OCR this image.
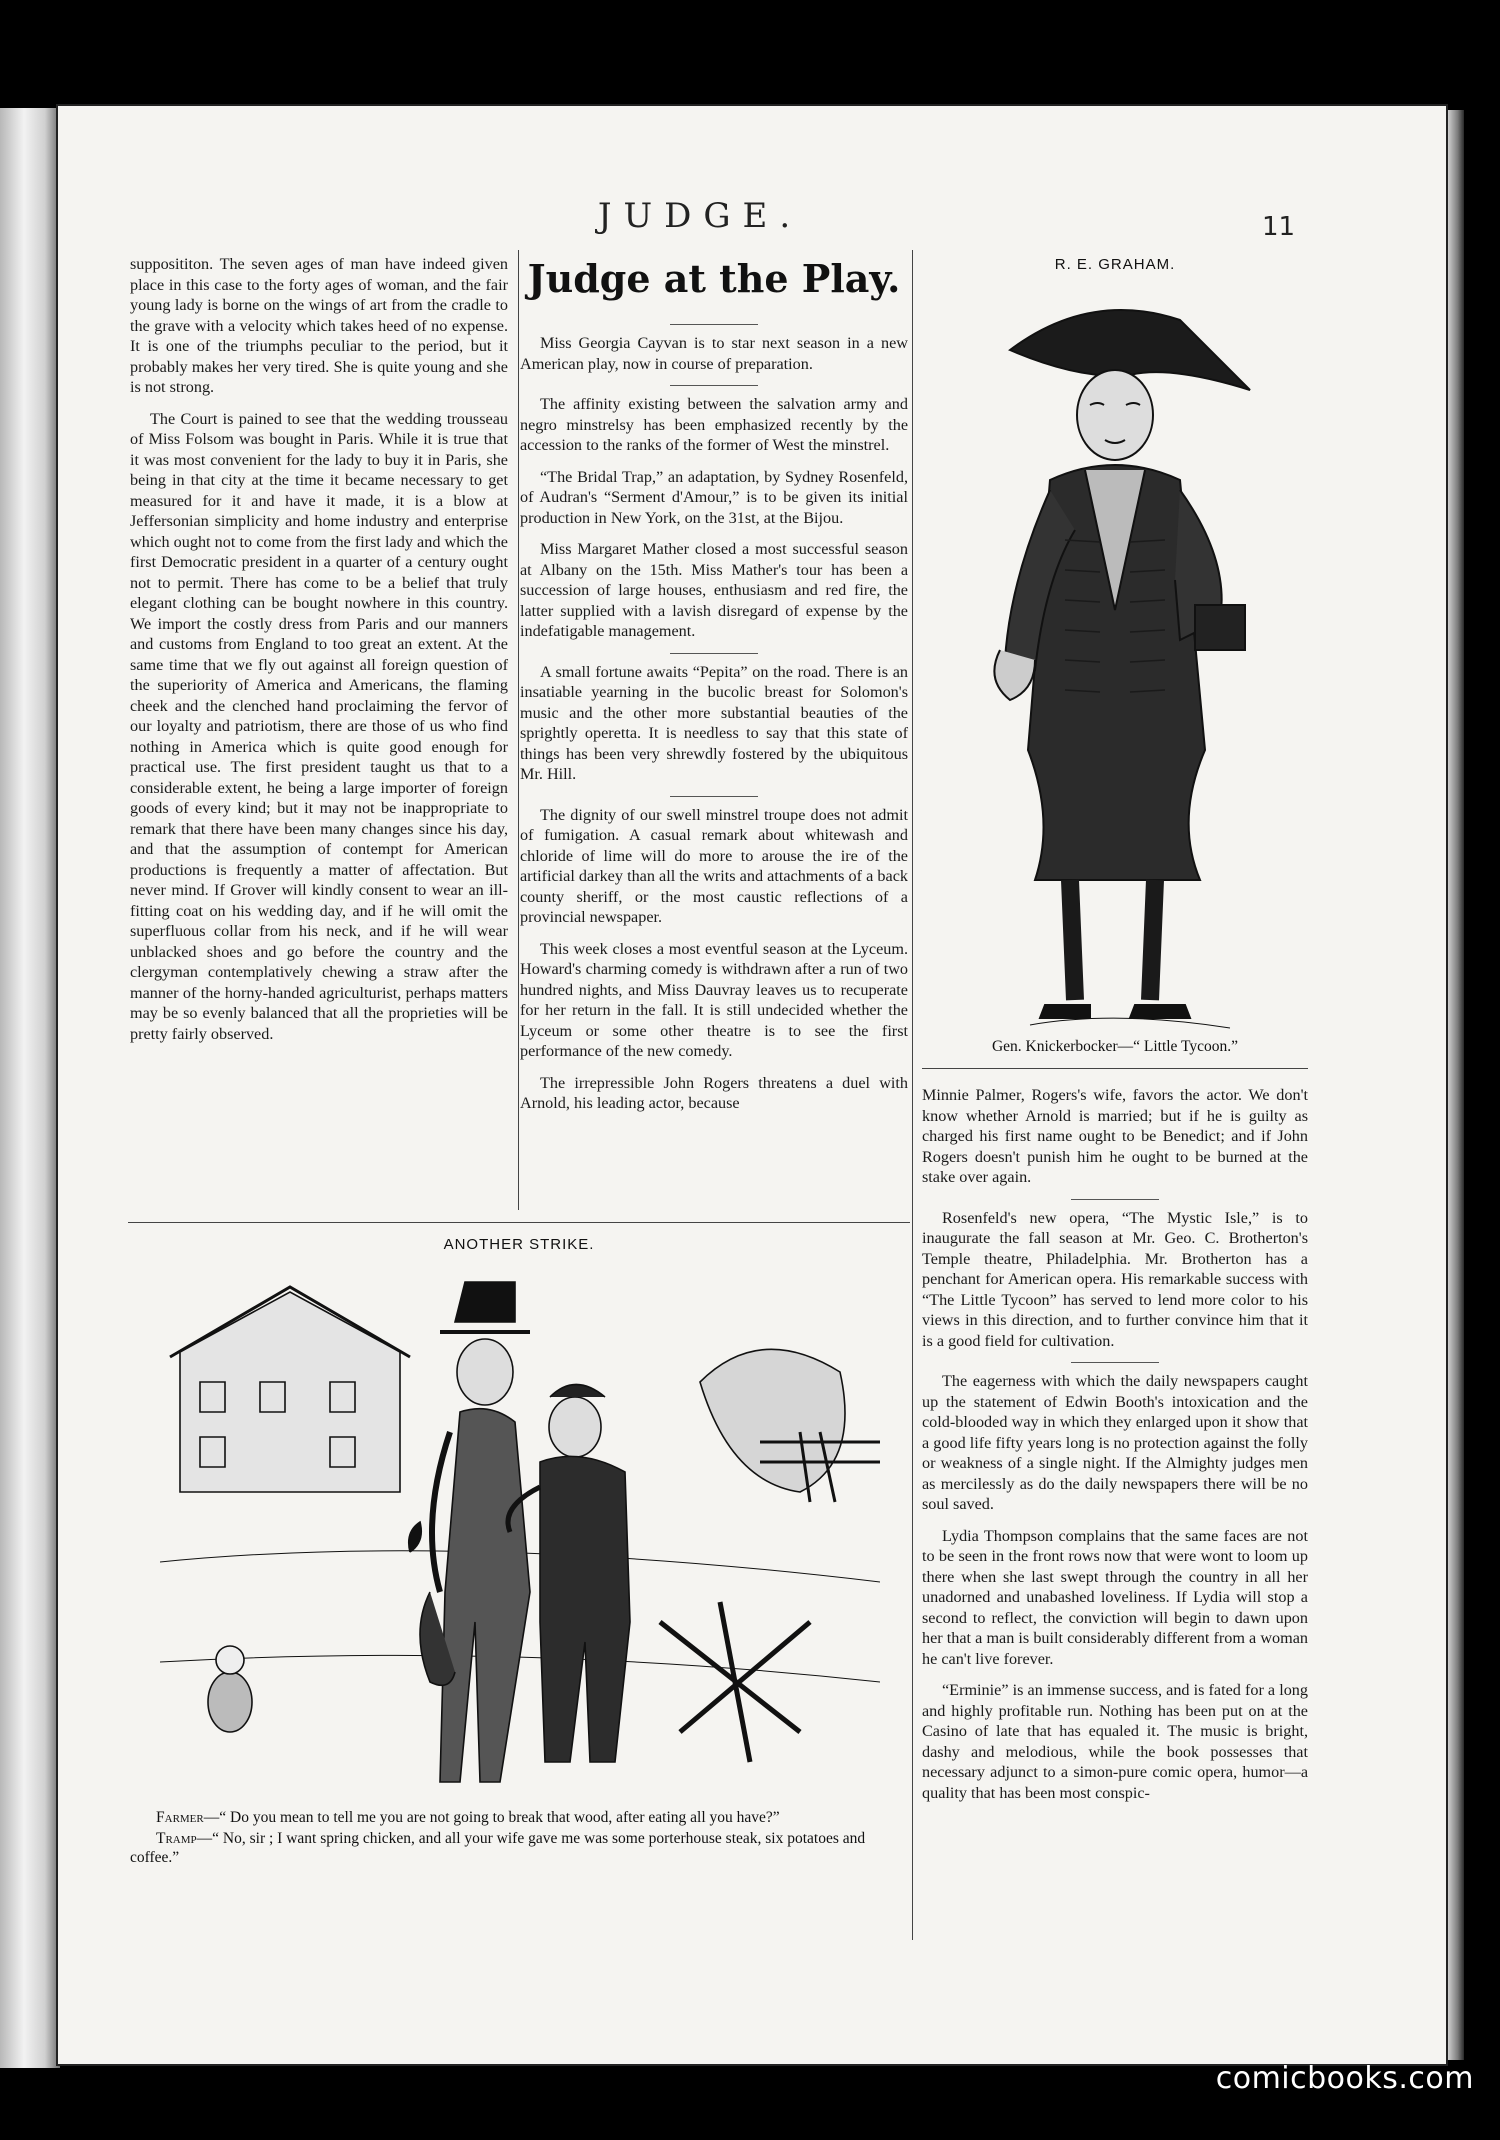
JUDGE.	11

supposititon. The seven ages of man have indeed given place in this case to the forty ages of woman, and the fair young lady is borne on the wings of art from the cradle to the grave with a velocity which takes heed of no expense. It is one of the triumphs peculiar to the period, but it probably makes her very tired. She is quite young and she is not strong.

The Court is pained to see that the wedding trousseau of Miss Folsom was bought in Paris. While it is true that it was most convenient for the lady to buy it in Paris, she being in that city at the time it became necessary to get measured for it and have it made, it is a blow at Jeffersonian simplicity and home industry and enterprise which ought not to come from the first lady and which the first Democratic president in a quarter of a century ought not to permit. There has come to be a belief that truly elegant clothing can be bought nowhere in this country. We import the costly dress from Paris and our manners and customs from England to too great an extent. At the same time that we fly out against all foreign question of the superiority of America and Americans, the flaming cheek and the clenched hand proclaiming the fervor of our loyalty and patriotism, there are those of us who find nothing in America which is quite good enough for practical use. The first president taught us that to a considerable extent, he being a large importer of foreign goods of every kind; but it may not be inappropriate to remark that there have been many changes since his day, and that the assumption of contempt for American productions is frequently a matter of affectation. But never mind. If Grover will kindly consent to wear an ill-fitting coat on his wedding day, and if he will omit the superfluous collar from his neck, and if he will wear unblacked shoes and go before the country and the clergyman contemplatively chewing a straw after the manner of the horny-handed agriculturist, perhaps matters may be so evenly balanced that all the proprieties will be pretty fairly observed.

Judge at the Play.

Miss Georgia Cayvan is to star next season in a new American play, now in course of preparation.

The affinity existing between the salvation army and negro minstrelsy has been emphasized recently by the accession to the ranks of the former of West the minstrel.

“The Bridal Trap,” an adaptation, by Sydney Rosenfeld, of Audran's “Serment d'Amour,” is to be given its initial production in New York, on the 31st, at the Bijou.

Miss Margaret Mather closed a most successful season at Albany on the 15th. Miss Mather's tour has been a succession of large houses, enthusiasm and red fire, the latter supplied with a lavish disregard of expense by the indefatigable management.

A small fortune awaits “Pepita” on the road. There is an insatiable yearning in the bucolic breast for Solomon's music and the other more substantial beauties of the sprightly operetta. It is needless to say that this state of things has been very shrewdly fostered by the ubiquitous Mr. Hill.

The dignity of our swell minstrel troupe does not admit of fumigation. A casual remark about whitewash and chloride of lime will do more to arouse the ire of the artificial darkey than all the writs and attachments of a back county sheriff, or the most caustic reflections of a provincial newspaper.

This week closes a most eventful season at the Lyceum. Howard's charming comedy is withdrawn after a run of two hundred nights, and Miss Dauvray leaves us to recuperate for her return in the fall. It is still undecided whether the Lyceum or some other theatre is to see the first performance of the new comedy.

The irrepressible John Rogers threatens a duel with Arnold, his leading actor, because

R. E. GRAHAM.
Gen. Knickerbocker—“ Little Tycoon.”

Minnie Palmer, Rogers's wife, favors the actor. We don't know whether Arnold is married; but if he is guilty as charged his first name ought to be Benedict; and if John Rogers doesn't punish him he ought to be burned at the stake over again.

Rosenfeld's new opera, “The Mystic Isle,” is to inaugurate the fall season at Mr. Geo. C. Brotherton's Temple theatre, Philadelphia. Mr. Brotherton has a penchant for American opera. His remarkable success with “The Little Tycoon” has served to lend more color to his views in this direction, and to further convince him that it is a good field for cultivation.

The eagerness with which the daily newspapers caught up the statement of Edwin Booth's intoxication and the cold-blooded way in which they enlarged upon it show that a good life fifty years long is no protection against the folly or weakness of a single night. If the Almighty judges men as mercilessly as do the daily newspapers there will be no soul saved.

Lydia Thompson complains that the same faces are not to be seen in the front rows now that were wont to loom up there when she last swept through the country in all her unadorned and unabashed loveliness. If Lydia will stop a second to reflect, the conviction will begin to dawn upon her that a man is built considerably different from a woman he can't live forever.

“Erminie” is an immense success, and is fated for a long and highly profitable run. Nothing has been put on at the Casino of late that has equaled it. The music is bright, dashy and melodious, while the book possesses that necessary adjunct to a simon-pure comic opera, humor—a quality that has been most conspic-

ANOTHER STRIKE.

Farmer—“ Do you mean to tell me you are not going to break that wood, after eating all you have?”

Tramp—“ No, sir ; I want spring chicken, and all your wife gave me was some porterhouse steak, six potatoes and coffee.”

comicbooks.com
